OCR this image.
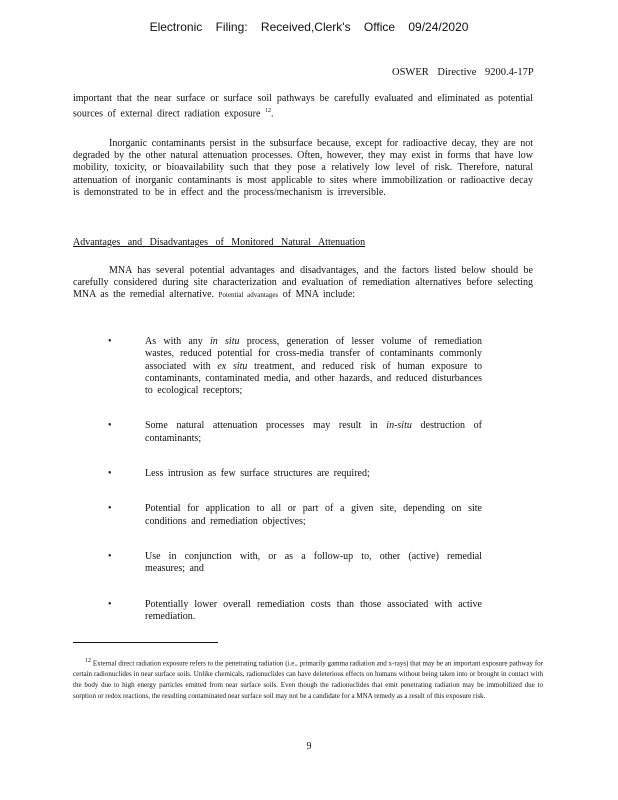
Electronic Filing: Received,Clerk's Office 09/24/2020
OSWER Directive 9200.4-17P

important that the near surface or surface soil pathways be carefully evaluated and eliminated as potential sources of external direct radiation exposure $^{12}$.

Inorganic contaminants persist in the subsurface because, except for radioactive decay, they are not degraded by the other natural attenuation processes. Often, however, they may exist in forms that have low mobility, toxicity, or bioavailability such that they pose a relatively low level of risk. Therefore, natural attenuation of inorganic contaminants is most applicable to sites where immobilization or radioactive decay is demonstrated to be in effect and the process/mechanism is irreversible.

Advantages and Disadvantages of Monitored Natural Attenuation

MNA has several potential advantages and disadvantages, and the factors listed below should be carefully considered during site characterization and evaluation of remediation alternatives before selecting MNA as the remedial alternative. Potential advantages of MNA include:

•	As with any in situ process, generation of lesser volume of remediation wastes, reduced potential for cross-media transfer of contaminants commonly associated with ex situ treatment, and reduced risk of human exposure to contaminants, contaminated media, and other hazards, and reduced disturbances to ecological receptors;
•	Some natural attenuation processes may result in in-situ destruction of contaminants;
•	Less intrusion as few surface structures are required;
•	Potential for application to all or part of a given site, depending on site conditions and remediation objectives;
•	Use in conjunction with, or as a follow-up to, other (active) remedial measures; and
•	Potentially lower overall remediation costs than those associated with active remediation.

$^{12}$ External direct radiation exposure refers to the penetrating radiation (i.e., primarily gamma radiation and x-rays) that may be an important exposure pathway for certain radionuclides in near surface soils. Unlike chemicals, radionuclides can have deleterious effects on humans without being taken into or brought in contact with the body due to high energy particles emitted from near surface soils. Even though the radionuclides that emit penetrating radiation may be immobilized due to sorption or redox reactions, the resulting contaminated near surface soil may not be a candidate for a MNA remedy as a result of this exposure risk.

9
